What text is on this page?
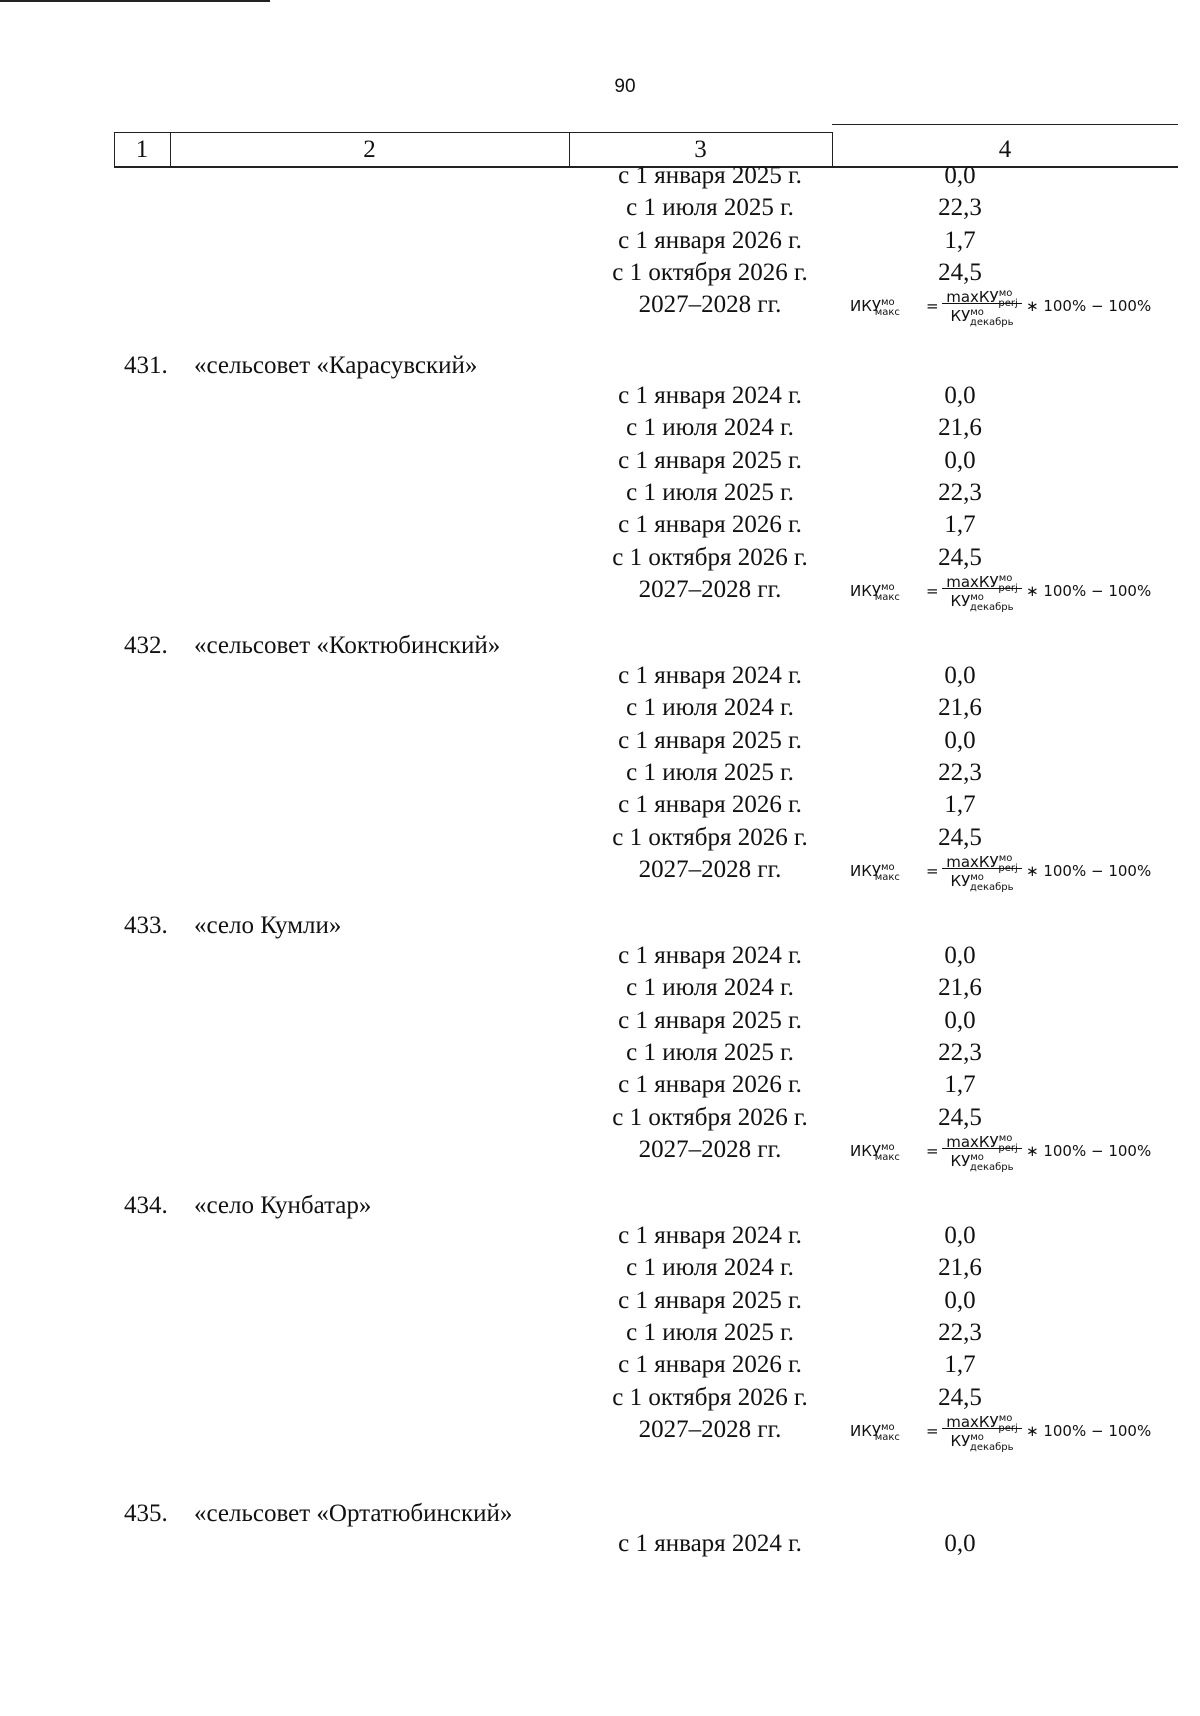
90
1	2	3	4
с 1 января 2025 г.	0,0
с 1 июля 2025 г.	22,3
с 1 января 2026 г.	1,7
с 1 октября 2026 г.	24,5
2027–2028 гг.	$ИКУ^{мо}_{макс} = \max КУ^{мо}_{perj}$
$КУ^{мо}_{декабрь}$
∗ 100% − 100%
431. «сельсовет «Карасувский»
с 1 января 2024 г.	0,0
с 1 июля 2024 г.	21,6
с 1 января 2025 г.	0,0
с 1 июля 2025 г.	22,3
с 1 января 2026 г.	1,7
с 1 октября 2026 г.	24,5
2027–2028 гг.	$ИКУ^{мо}_{макс} = \max КУ^{мо}_{perj}$
$КУ^{мо}_{декабрь}$
∗ 100% − 100%
432. «сельсовет «Коктюбинский»
с 1 января 2024 г.	0,0
с 1 июля 2024 г.	21,6
с 1 января 2025 г.	0,0
с 1 июля 2025 г.	22,3
с 1 января 2026 г.	1,7
с 1 октября 2026 г.	24,5
2027–2028 гг.	$ИКУ^{мо}_{макс} = \max КУ^{мо}_{perj}$
$КУ^{мо}_{декабрь}$
∗ 100% − 100%
433. «село Кумли»
с 1 января 2024 г.	0,0
с 1 июля 2024 г.	21,6
с 1 января 2025 г.	0,0
с 1 июля 2025 г.	22,3
с 1 января 2026 г.	1,7
с 1 октября 2026 г.	24,5
2027–2028 гг.	$ИКУ^{мо}_{макс} = \max КУ^{мо}_{perj}$
$КУ^{мо}_{декабрь}$
∗ 100% − 100%
434. «село Кунбатар»
с 1 января 2024 г.	0,0
с 1 июля 2024 г.	21,6
с 1 января 2025 г.	0,0
с 1 июля 2025 г.	22,3
с 1 января 2026 г.	1,7
с 1 октября 2026 г.	24,5
2027–2028 гг.	$ИКУ^{мо}_{макс} = \max КУ^{мо}_{perj}$
$КУ^{мо}_{декабрь}$
∗ 100% − 100%
435. «сельсовет «Ортатюбинский»
с 1 января 2024 г.	0,0
